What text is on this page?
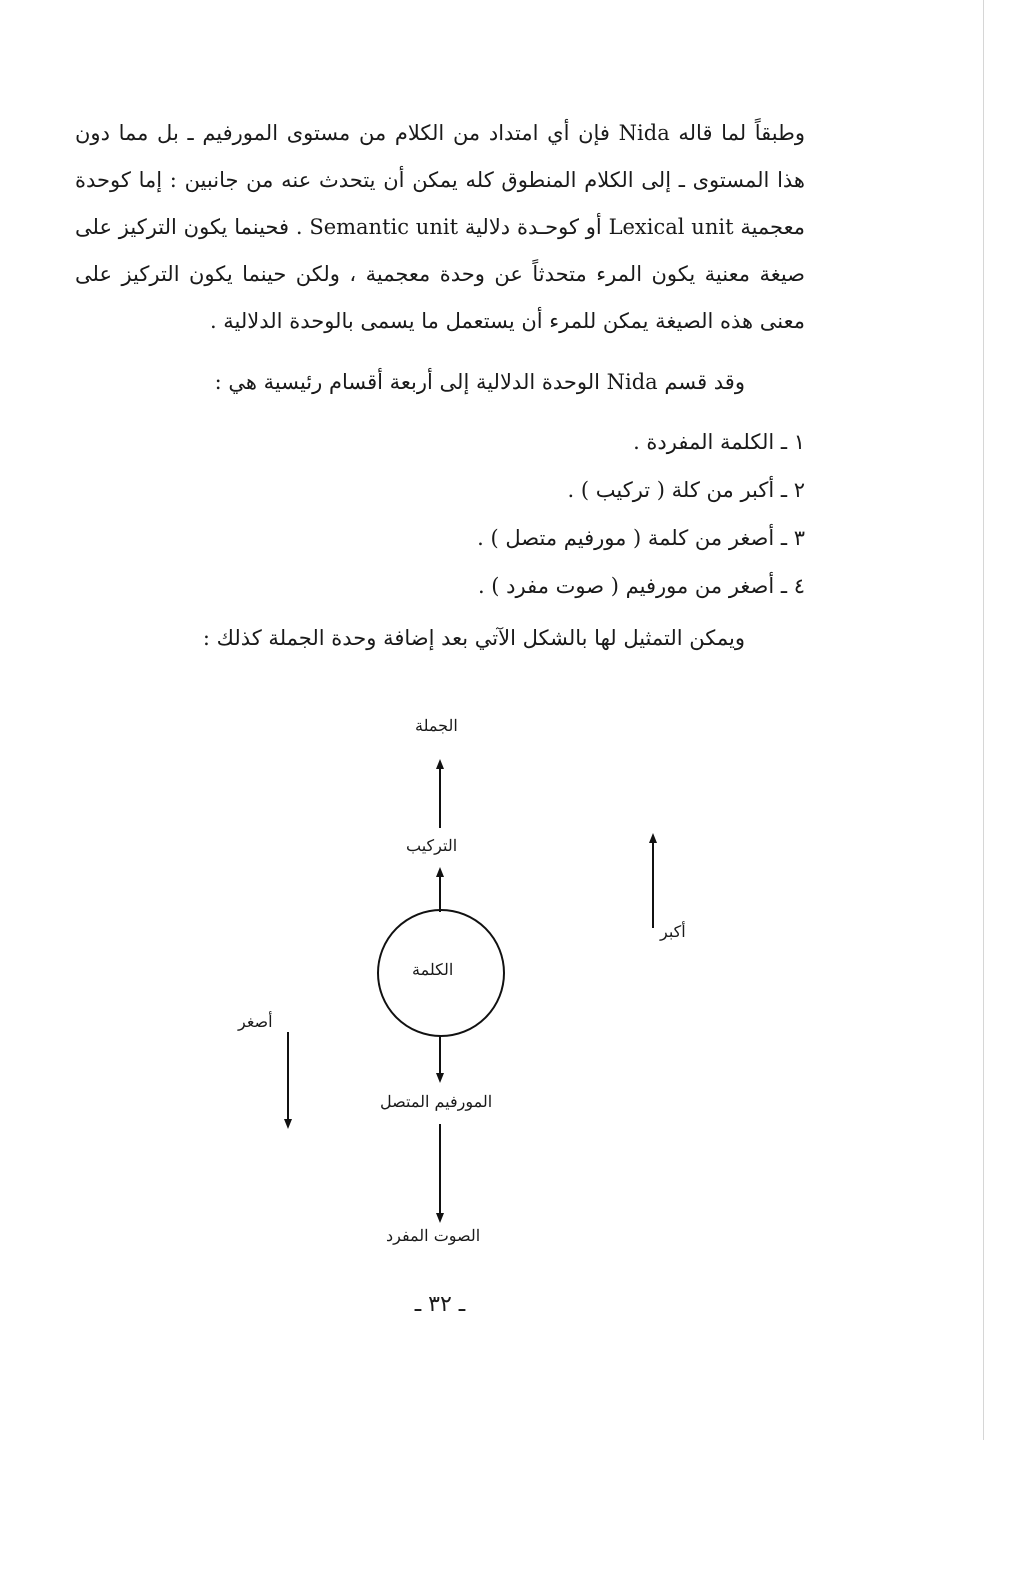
وطبقاً لما قاله Nida فإن أي امتداد من الكلام من مستوى المورفيم ـ بل مما دون هذا المستوى ـ إلى الكلام المنطوق كله يمكن أن يتحدث عنه من جانبين : إما كوحدة معجمية Lexical unit أو كوحـدة دلالية Semantic unit . فحينما يكون التركيز على صيغة معنية يكون المرء متحدثاً عن وحدة معجمية ، ولكن حينما يكون التركيز على معنى هذه الصيغة يمكن للمرء أن يستعمل ما يسمى بالوحدة الدلالية .

وقد قسم Nida الوحدة الدلالية إلى أربعة أقسام رئيسية هي :

١ ـ الكلمة المفردة .
٢ ـ أكبر من كلة ( تركيب ) .
٣ ـ أصغر من كلمة ( مورفيم متصل ) .
٤ ـ أصغر من مورفيم ( صوت مفرد ) .

ويمكن التمثيل لها بالشكل الآتي بعد إضافة وحدة الجملة كذلك :

الجملة
التركيب
الكلمة
المورفيم المتصل
الصوت المفرد
أكبر
أصغر
ـ ٣٢ ـ
